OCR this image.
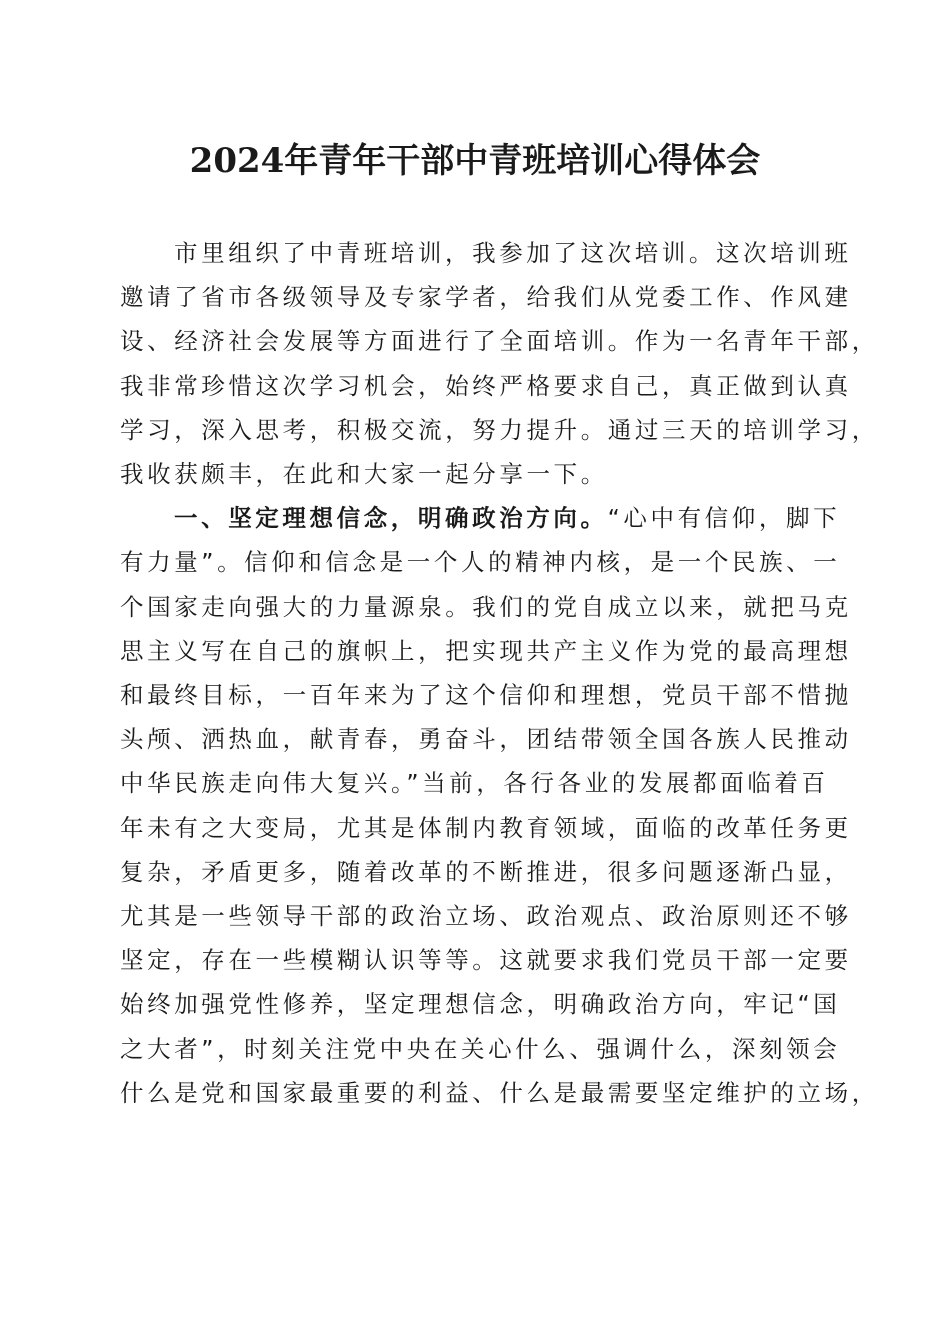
2024年青年干部中青班培训心得体会
市里组织了中青班培训，我参加了这次培训。这次培训班
邀请了省市各级领导及专家学者，给我们从党委工作、作风建
设、经济社会发展等方面进行了全面培训。作为一名青年干部，
我非常珍惜这次学习机会，始终严格要求自己，真正做到认真
学习，深入思考，积极交流，努力提升。通过三天的培训学习，
我收获颇丰，在此和大家一起分享一下。
一、坚定理想信念，明确政治方向。“心中有信仰，脚下
有力量”。信仰和信念是一个人的精神内核，是一个民族、一
个国家走向强大的力量源泉。我们的党自成立以来，就把马克
思主义写在自己的旗帜上，把实现共产主义作为党的最高理想
和最终目标，一百年来为了这个信仰和理想，党员干部不惜抛
头颅、洒热血，献青春，勇奋斗，团结带领全国各族人民推动
中华民族走向伟大复兴。”当前，各行各业的发展都面临着百
年未有之大变局，尤其是体制内教育领域，面临的改革任务更
复杂，矛盾更多，随着改革的不断推进，很多问题逐渐凸显，
尤其是一些领导干部的政治立场、政治观点、政治原则还不够
坚定，存在一些模糊认识等等。这就要求我们党员干部一定要
始终加强党性修养，坚定理想信念，明确政治方向，牢记“国
之大者”，时刻关注党中央在关心什么、强调什么，深刻领会
什么是党和国家最重要的利益、什么是最需要坚定维护的立场，
